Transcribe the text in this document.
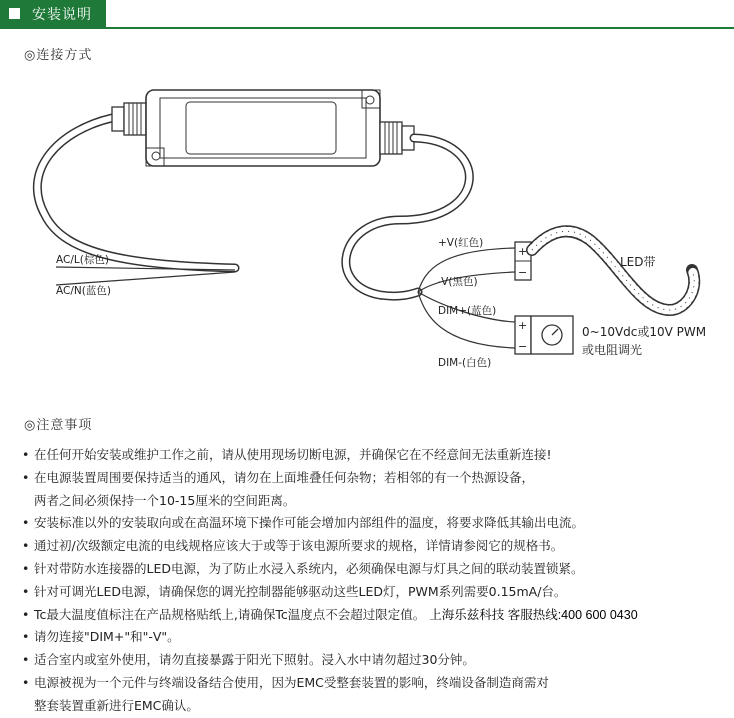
安装说明
◎连接方式
+
−
+
−
AC/L(棕色)
AC/N(蓝色)
+V(红色)
-V(黑色)
DIM+(蓝色)
DIM-(白色)
LED带
0~10Vdc或10V PWM
或电阻调光
◎注意事项
• 在任何开始安装或维护工作之前，请从使用现场切断电源，并确保它在不经意间无法重新连接!
• 在电源装置周围要保持适当的通风，请勿在上面堆叠任何杂物；若相邻的有一个热源设备，
两者之间必须保持一个10-15厘米的空间距离。
• 安装标准以外的安装取向或在高温环境下操作可能会增加内部组件的温度，将要求降低其输出电流。
• 通过初/次级额定电流的电线规格应该大于或等于该电源所要求的规格，详情请参阅它的规格书。
• 针对带防水连接器的LED电源，为了防止水浸入系统内，必须确保电源与灯具之间的联动装置锁紧。
• 针对可调光LED电源，请确保您的调光控制器能够驱动这些LED灯，PWM系列需要0.15mA/台。
• Tc最大温度值标注在产品规格贴纸上,请确保Tc温度点不会超过限定值。 上海乐兹科技 客服热线:400 600 0430
• 请勿连接"DIM+"和"-V"。
• 适合室内或室外使用，请勿直接暴露于阳光下照射。浸入水中请勿超过30分钟。
• 电源被视为一个元件与终端设备结合使用，因为EMC受整套装置的影响，终端设备制造商需对
整套装置重新进行EMC确认。
